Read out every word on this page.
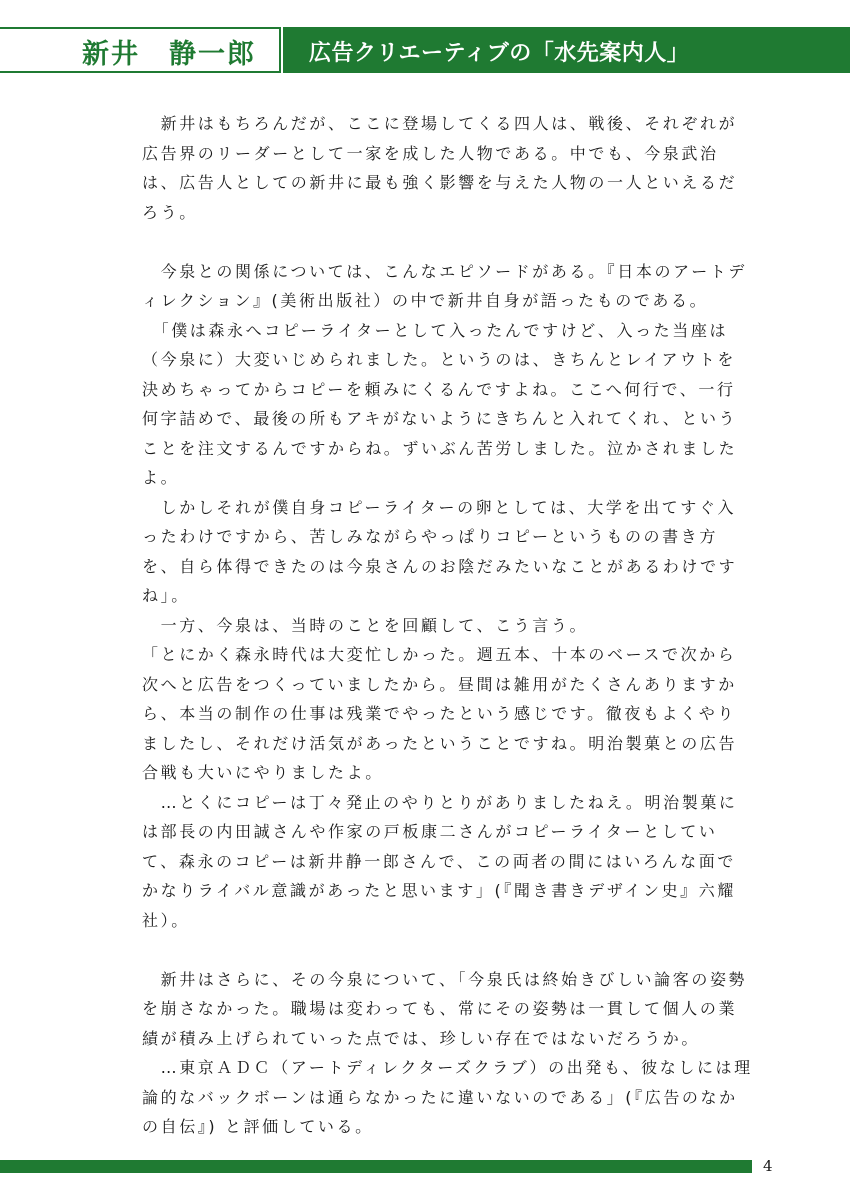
新井　静一郎 広告クリエーティブの「水先案内人」

　新井はもちろんだが、ここに登場してくる四人は、戦後、それぞれが広告界のリーダーとして一家を成した人物である。中でも、今泉武治は、広告人としての新井に最も強く影響を与えた人物の一人といえるだろう。

　今泉との関係については、こんなエピソードがある。『日本のアートディレクション』(美術出版社）の中で新井自身が語ったものである。

　「僕は森永へコピーライターとして入ったんですけど、入った当座は（今泉に）大変いじめられました。というのは、きちんとレイアウトを決めちゃってからコピーを頼みにくるんですよね。ここへ何行で、一行何字詰めで、最後の所もアキがないようにきちんと入れてくれ、ということを注文するんですからね。ずいぶん苦労しました。泣かされましたよ。

　しかしそれが僕自身コピーライターの卵としては、大学を出てすぐ入ったわけですから、苦しみながらやっぱりコピーというものの書き方を、自ら体得できたのは今泉さんのお陰だみたいなことがあるわけですね」。

　一方、今泉は、当時のことを回顧して、こう言う。

「とにかく森永時代は大変忙しかった。週五本、十本のベースで次から次へと広告をつくっていましたから。昼間は雑用がたくさんありますから、本当の制作の仕事は残業でやったという感じです。徹夜もよくやりましたし、それだけ活気があったということですね。明治製菓との広告合戦も大いにやりましたよ。

　…とくにコピーは丁々発止のやりとりがありましたねえ。明治製菓には部長の内田誠さんや作家の戸板康二さんがコピーライターとしていて、森永のコピーは新井静一郎さんで、この両者の間にはいろんな面でかなりライバル意識があったと思います」(『聞き書きデザイン史』六耀社）。

　新井はさらに、その今泉について、「今泉氏は終始きびしい論客の姿勢を崩さなかった。職場は変わっても、常にその姿勢は一貫して個人の業績が積み上げられていった点では、珍しい存在ではないだろうか。

　…東京ＡＤＣ（アートディレクターズクラブ）の出発も、彼なしには理論的なバックボーンは通らなかったに違いないのである」(『広告のなかの自伝』) と評価している。

4
